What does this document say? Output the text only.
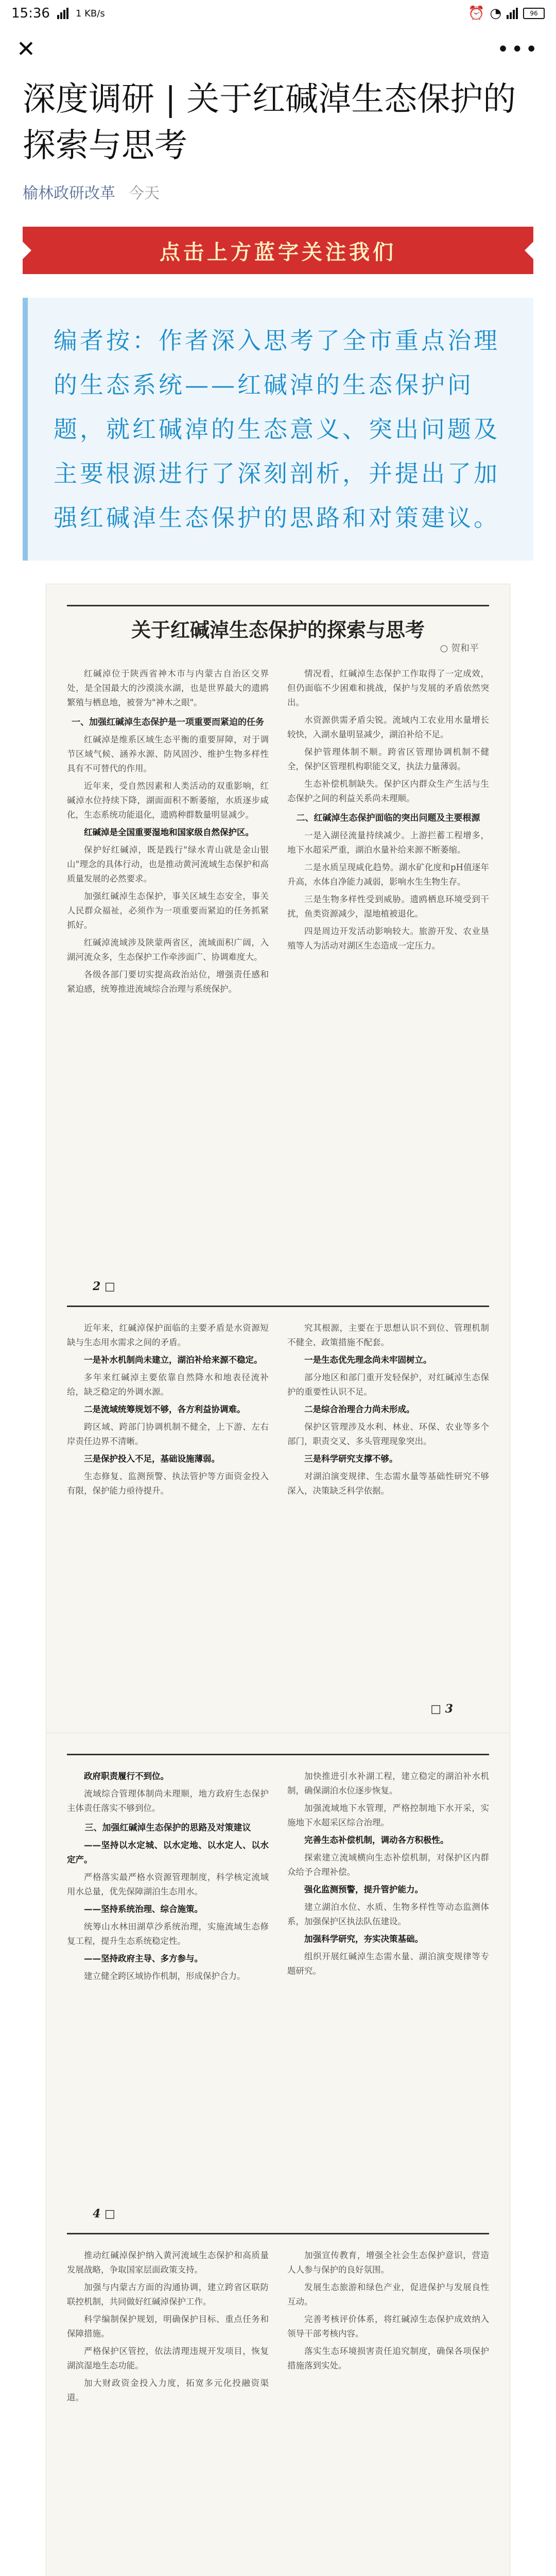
15:36	1 KB/s	⏰ ◔	96
✕	•••
深度调研 | 关于红碱淖生态保护的探索与思考
榆林政研改革 今天
点击上方蓝字关注我们
编者按：作者深入思考了全市重点治理的生态系统——红碱淖的生态保护问题，就红碱淖的生态意义、突出问题及主要根源进行了深刻剖析，并提出了加强红碱淖生态保护的思路和对策建议。
关于红碱淖生态保护的探索与思考
○ 贺和平

红碱淖位于陕西省神木市与内蒙古自治区交界处，是全国最大的沙漠淡水湖，也是世界最大的遗鸥繁殖与栖息地，被誉为"神木之眼"。

一、加强红碱淖生态保护是一项重要而紧迫的任务

红碱淖是维系区域生态平衡的重要屏障，对于调节区域气候、涵养水源、防风固沙、维护生物多样性具有不可替代的作用。

近年来，受自然因素和人类活动的双重影响，红碱淖水位持续下降，湖面面积不断萎缩，水质逐步咸化，生态系统功能退化，遗鸥种群数量明显减少。

红碱淖是全国重要湿地和国家级自然保护区。

保护好红碱淖，既是践行"绿水青山就是金山银山"理念的具体行动，也是推动黄河流域生态保护和高质量发展的必然要求。

加强红碱淖生态保护，事关区域生态安全，事关人民群众福祉，必须作为一项重要而紧迫的任务抓紧抓好。

红碱淖流域涉及陕蒙两省区，流域面积广阔，入湖河流众多，生态保护工作牵涉面广、协调难度大。

各级各部门要切实提高政治站位，增强责任感和紧迫感，统筹推进流域综合治理与系统保护。

情况看，红碱淖生态保护工作取得了一定成效，但仍面临不少困难和挑战，保护与发展的矛盾依然突出。

水资源供需矛盾尖锐。流域内工农业用水量增长较快，入湖水量明显减少，湖泊补给不足。

保护管理体制不顺。跨省区管理协调机制不健全，保护区管理机构职能交叉，执法力量薄弱。

生态补偿机制缺失。保护区内群众生产生活与生态保护之间的利益关系尚未理顺。

二、红碱淖生态保护面临的突出问题及主要根源

一是入湖径流量持续减少。上游拦蓄工程增多，地下水超采严重，湖泊水量补给来源不断萎缩。

二是水质呈现咸化趋势。湖水矿化度和pH值逐年升高，水体自净能力减弱，影响水生生物生存。

三是生物多样性受到威胁。遗鸥栖息环境受到干扰，鱼类资源减少，湿地植被退化。

四是周边开发活动影响较大。旅游开发、农业垦殖等人为活动对湖区生态造成一定压力。

2 □

近年来，红碱淖保护面临的主要矛盾是水资源短缺与生态用水需求之间的矛盾。

一是补水机制尚未建立，湖泊补给来源不稳定。

多年来红碱淖主要依靠自然降水和地表径流补给，缺乏稳定的外调水源。

二是流域统筹规划不够，各方利益协调难。

跨区域、跨部门协调机制不健全，上下游、左右岸责任边界不清晰。

三是保护投入不足，基础设施薄弱。

生态修复、监测预警、执法管护等方面资金投入有限，保护能力亟待提升。

究其根源，主要在于思想认识不到位、管理机制不健全、政策措施不配套。

一是生态优先理念尚未牢固树立。

部分地区和部门重开发轻保护，对红碱淖生态保护的重要性认识不足。

二是综合治理合力尚未形成。

保护区管理涉及水利、林业、环保、农业等多个部门，职责交叉、多头管理现象突出。

三是科学研究支撑不够。

对湖泊演变规律、生态需水量等基础性研究不够深入，决策缺乏科学依据。

□ 3

政府职责履行不到位。

流域综合管理体制尚未理顺，地方政府生态保护主体责任落实不够到位。

三、加强红碱淖生态保护的思路及对策建议

——坚持以水定城、以水定地、以水定人、以水定产。

严格落实最严格水资源管理制度，科学核定流域用水总量，优先保障湖泊生态用水。

——坚持系统治理、综合施策。

统筹山水林田湖草沙系统治理，实施流域生态修复工程，提升生态系统稳定性。

——坚持政府主导、多方参与。

建立健全跨区域协作机制，形成保护合力。

加快推进引水补湖工程，建立稳定的湖泊补水机制，确保湖泊水位逐步恢复。

加强流域地下水管理，严格控制地下水开采，实施地下水超采区综合治理。

完善生态补偿机制，调动各方积极性。

探索建立流域横向生态补偿机制，对保护区内群众给予合理补偿。

强化监测预警，提升管护能力。

建立湖泊水位、水质、生物多样性等动态监测体系，加强保护区执法队伍建设。

加强科学研究，夯实决策基础。

组织开展红碱淖生态需水量、湖泊演变规律等专题研究。

4 □

推动红碱淖保护纳入黄河流域生态保护和高质量发展战略，争取国家层面政策支持。

加强与内蒙古方面的沟通协调，建立跨省区联防联控机制，共同做好红碱淖保护工作。

科学编制保护规划，明确保护目标、重点任务和保障措施。

严格保护区管控，依法清理违规开发项目，恢复湖滨湿地生态功能。

加大财政资金投入力度，拓宽多元化投融资渠道。

加强宣传教育，增强全社会生态保护意识，营造人人参与保护的良好氛围。

发展生态旅游和绿色产业，促进保护与发展良性互动。

完善考核评价体系，将红碱淖生态保护成效纳入领导干部考核内容。

落实生态环境损害责任追究制度，确保各项保护措施落到实处。
